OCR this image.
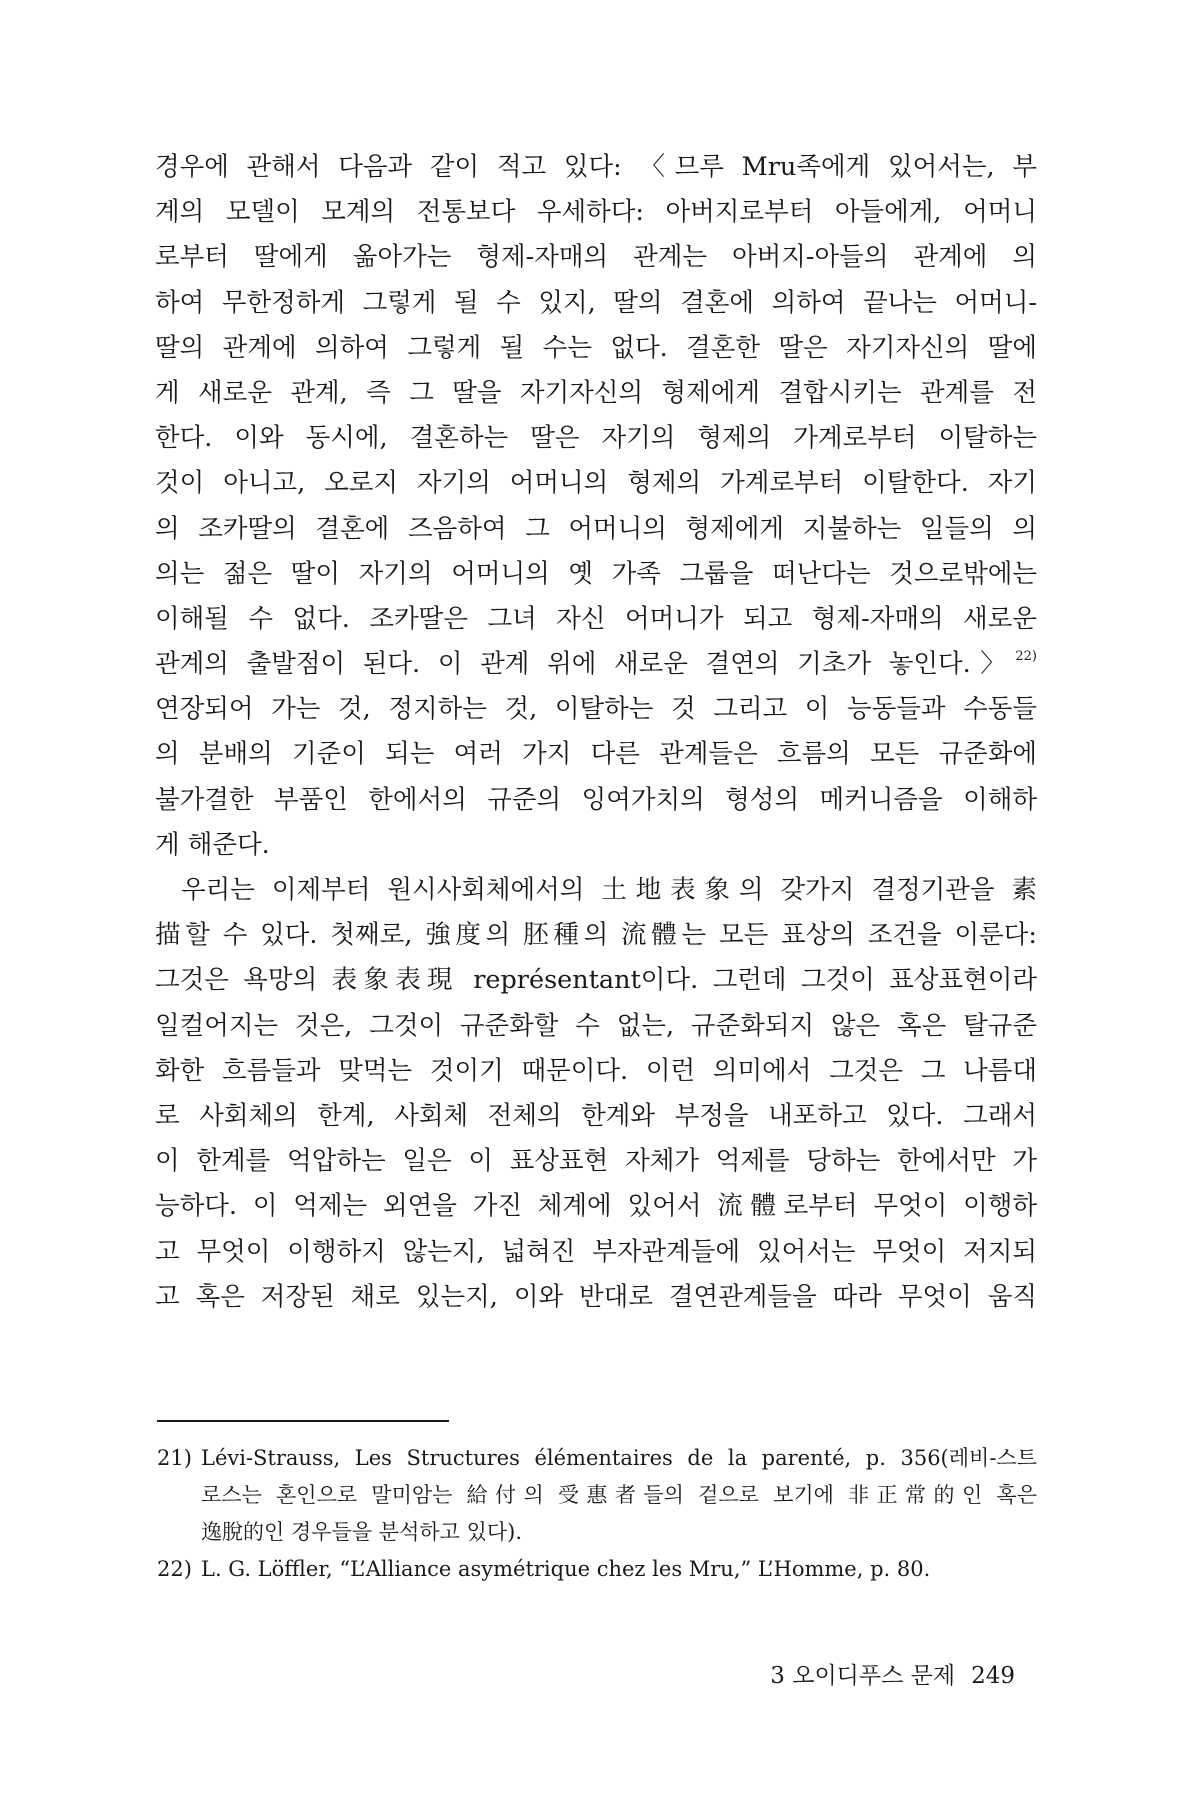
경우에 관해서 다음과 같이 적고 있다: 〈므루 Mru족에게 있어서는, 부
계의 모델이 모계의 전통보다 우세하다: 아버지로부터 아들에게, 어머니
로부터 딸에게 옮아가는 형제-자매의 관계는 아버지-아들의 관계에 의
하여 무한정하게 그렇게 될 수 있지, 딸의 결혼에 의하여 끝나는 어머니-
딸의 관계에 의하여 그렇게 될 수는 없다. 결혼한 딸은 자기자신의 딸에
게 새로운 관계, 즉 그 딸을 자기자신의 형제에게 결합시키는 관계를 전
한다. 이와 동시에, 결혼하는 딸은 자기의 형제의 가계로부터 이탈하는
것이 아니고, 오로지 자기의 어머니의 형제의 가계로부터 이탈한다. 자기
의 조카딸의 결혼에 즈음하여 그 어머니의 형제에게 지불하는 일들의 의
의는 젊은 딸이 자기의 어머니의 옛 가족 그룹을 떠난다는 것으로밖에는
이해될 수 없다. 조카딸은 그녀 자신 어머니가 되고 형제-자매의 새로운
관계의 출발점이 된다. 이 관계 위에 새로운 결연의 기초가 놓인다.〉$^{22)}$
연장되어 가는 것, 정지하는 것, 이탈하는 것 그리고 이 능동들과 수동들
의 분배의 기준이 되는 여러 가지 다른 관계들은 흐름의 모든 규준화에
불가결한 부품인 한에서의 규준의 잉여가치의 형성의 메커니즘을 이해하
게 해준다.
우리는 이제부터 원시사회체에서의 土地表象의 갖가지 결정기관을 素
描할 수 있다. 첫째로, 強度의 胚種의 流體는 모든 표상의 조건을 이룬다:
그것은 욕망의 表象表現 représentant이다. 그런데 그것이 표상표현이라
일컬어지는 것은, 그것이 규준화할 수 없는, 규준화되지 않은 혹은 탈규준
화한 흐름들과 맞먹는 것이기 때문이다. 이런 의미에서 그것은 그 나름대
로 사회체의 한계, 사회체 전체의 한계와 부정을 내포하고 있다. 그래서
이 한계를 억압하는 일은 이 표상표현 자체가 억제를 당하는 한에서만 가
능하다. 이 억제는 외연을 가진 체계에 있어서 流體로부터 무엇이 이행하
고 무엇이 이행하지 않는지, 넓혀진 부자관계들에 있어서는 무엇이 저지되
고 혹은 저장된 채로 있는지, 이와 반대로 결연관계들을 따라 무엇이 움직
21) Lévi-Strauss, Les Structures élémentaires de la parenté, p. 356(레비-스트
로스는 혼인으로 말미암는 給付의 受惠者들의 겉으로 보기에 非正常的인 혹은
逸脫的인 경우들을 분석하고 있다).
22) L. G. Löffler, “L’Alliance asymétrique chez les Mru,” L’Homme, p. 80.
3 오이디푸스 문제 249
